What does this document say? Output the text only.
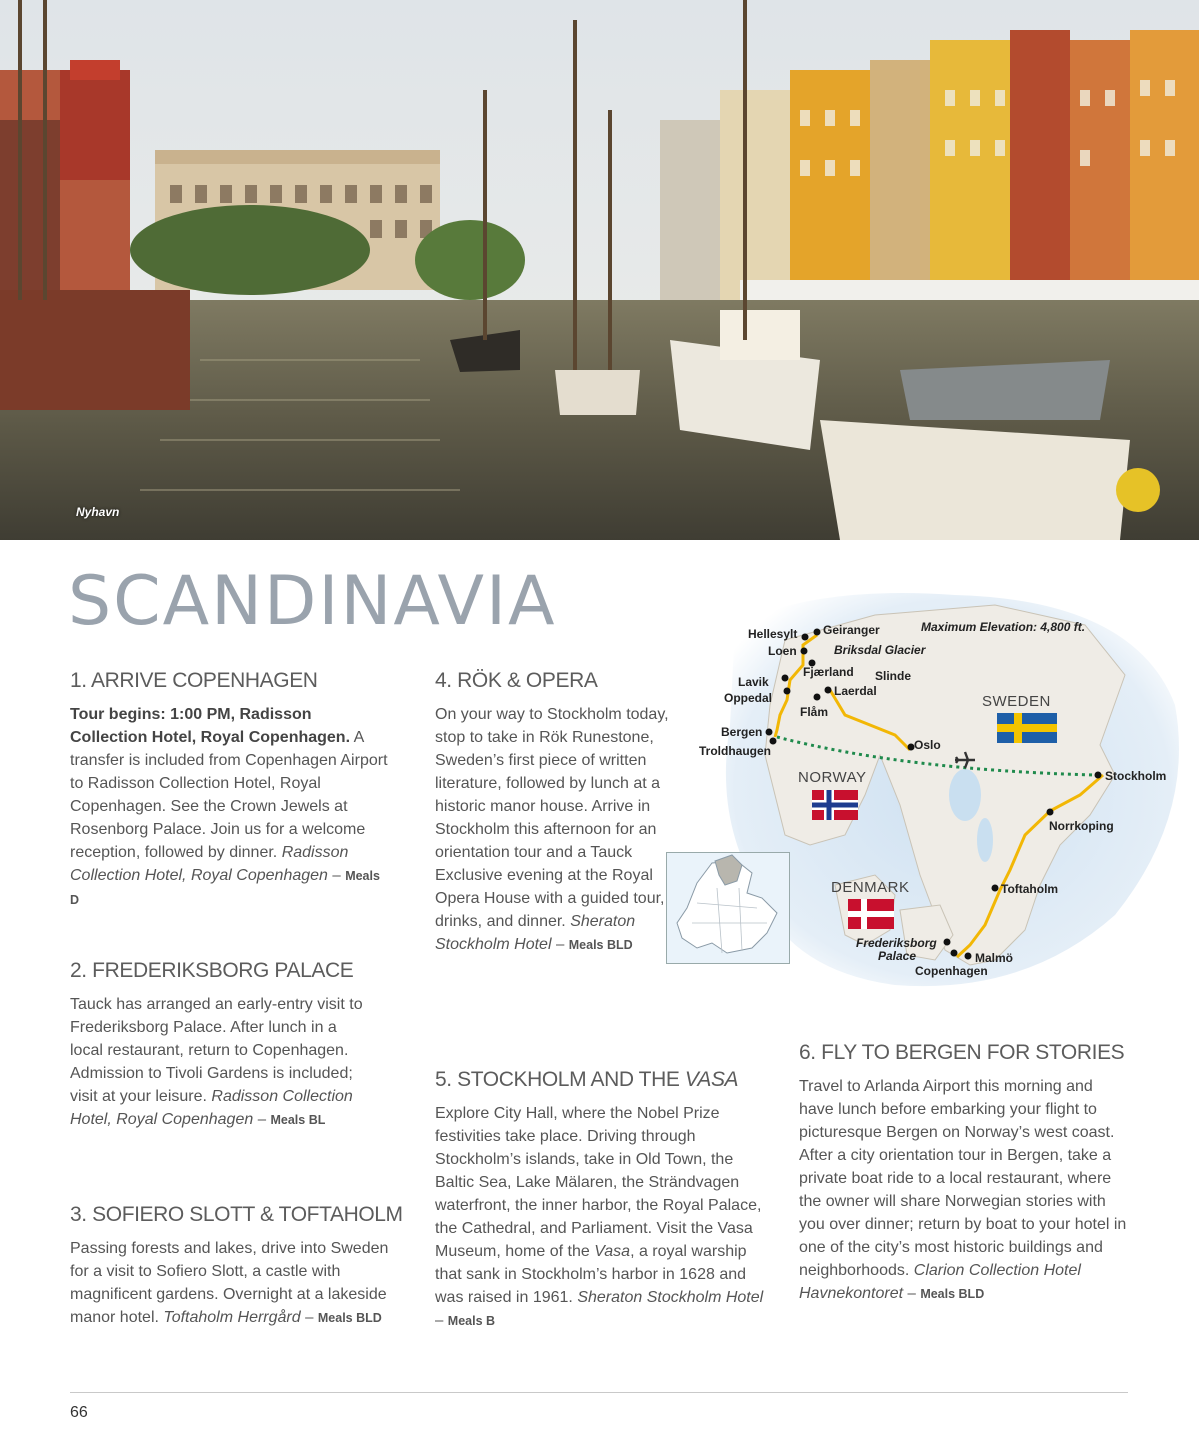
Nyhavn
SCANDINAVIA
1. ARRIVE COPENHAGEN

Tour begins: 1:00 PM, Radisson Collection Hotel, Royal Copenhagen. A transfer is included from Copenhagen Airport to Radisson Collection Hotel, Royal Copenhagen. See the Crown Jewels at Rosenborg Palace. Join us for a welcome reception, followed by dinner. Radisson Collection Hotel, Royal Copenhagen – Meals D

2. FREDERIKSBORG PALACE

Tauck has arranged an early-entry visit to Frederiksborg Palace. After lunch in a local restaurant, return to Copenhagen. Admission to Tivoli Gardens is included; visit at your leisure. Radisson Collection Hotel, Royal Copenhagen – Meals BL

3. SOFIERO SLOTT & TOFTAHOLM

Passing forests and lakes, drive into Sweden for a visit to Sofiero Slott, a castle with magnificent gardens. Overnight at a lakeside manor hotel. Toftaholm Herrgård – Meals BLD

4. RÖK & OPERA

On your way to Stockholm today, stop to take in Rök Runestone, Sweden’s first piece of written literature, followed by lunch at a historic manor house. Arrive in Stockholm this afternoon for an orientation tour and a Tauck Exclusive evening at the Royal Opera House with a guided tour, drinks, and dinner. Sheraton Stockholm Hotel – Meals BLD

5. STOCKHOLM AND THE VASA

Explore City Hall, where the Nobel Prize festivities take place. Driving through Stockholm’s islands, take in Old Town, the Baltic Sea, Lake Mälaren, the Strändvagen waterfront, the inner harbor, the Royal Palace, the Cathedral, and Parliament. Visit the Vasa Museum, home of the Vasa, a royal warship that sank in Stockholm’s harbor in 1628 and was raised in 1961. Sheraton Stockholm Hotel – Meals B

6. FLY TO BERGEN FOR STORIES

Travel to Arlanda Airport this morning and have lunch before embarking your flight to picturesque Bergen on Norway’s west coast. After a city orientation tour in Bergen, take a private boat ride to a local restaurant, where the owner will share Norwegian stories with you over dinner; return by boat to your hotel in one of the city’s most historic buildings and neighborhoods. Clarion Collection Hotel Havnekontoret – Meals BLD

Maximum Elevation: 4,800 ft.
Hellesylt Geiranger
Loen	Briksdal Glacier
Fjærland Slinde
Lavik
Laerdal
Oppedal
Flåm
Bergen
Troldhaugen	Oslo
Stockholm
Norrkoping
Toftaholm
Frederiksborg
Palace	Malmö
Copenhagen
SWEDEN
NORWAY
DENMARK
66
